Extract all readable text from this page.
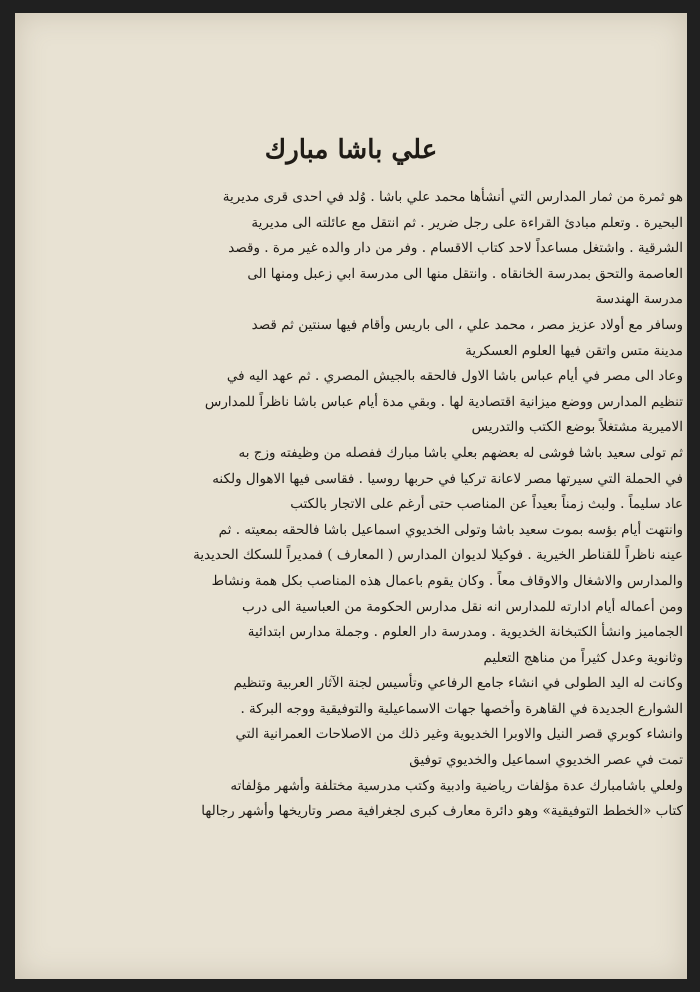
علي باشا مبارك
هو ثمرة من ثمار المدارس التي أنشأها محمد علي باشا . وُلد في احدى قرى مديرية
البحيرة . وتعلم مبادئ القراءة على رجل ضرير . ثم انتقل مع عائلته الى مديرية
الشرقية . واشتغل مساعداً لاحد كتاب الاقسام . وفر من دار والده غير مرة . وقصد
العاصمة والتحق بمدرسة الخانقاه . وانتقل منها الى مدرسة ابي زعبل ومنها الى
مدرسة الهندسة
وسافر مع أولاد عزيز مصر ، محمد علي ، الى باريس وأقام فيها سنتين ثم قصد
مدينة متس واتقن فيها العلوم العسكرية
وعاد الى مصر في أيام عباس باشا الاول فالحقه بالجيش المصري . ثم عهد اليه في
تنظيم المدارس ووضع ميزانية اقتصادية لها . وبقي مدة أيام عباس باشا ناظراً للمدارس
الاميرية مشتغلاً بوضع الكتب والتدريس
ثم تولى سعيد باشا فوشى له بعضهم بعلي باشا مبارك ففصله من وظيفته وزج به
في الحملة التي سيرتها مصر لاعانة تركيا في حربها روسيا . فقاسى فيها الاهوال ولكنه
عاد سليماً . ولبث زمناً بعيداً عن المناصب حتى أرغم على الاتجار بالكتب
وانتهت أيام بؤسه بموت سعيد باشا وتولى الخديوي اسماعيل باشا فالحقه بمعيته . ثم
عينه ناظراً للقناطر الخيرية . فوكيلا لديوان المدارس ( المعارف ) فمديراً للسكك الحديدية
والمدارس والاشغال والاوقاف معاً . وكان يقوم باعمال هذه المناصب بكل همة ونشاط
ومن أعماله أيام ادارته للمدارس انه نقل مدارس الحكومة من العباسية الى درب
الجماميز وانشأ الكتبخانة الخديوية . ومدرسة دار العلوم . وجملة مدارس ابتدائية
وثانوية وعدل كثيراً من مناهج التعليم
وكانت له اليد الطولى في انشاء جامع الرفاعي وتأسيس لجنة الآثار العربية وتنظيم
الشوارع الجديدة في القاهرة وأخصها جهات الاسماعيلية والتوفيقية ووجه البركة .
وانشاء كوبري قصر النيل والاوبرا الخديوية وغير ذلك من الاصلاحات العمرانية التي
تمت في عصر الخديوي اسماعيل والخديوي توفيق
ولعلي باشامبارك عدة مؤلفات رياضية وادبية وكتب مدرسية مختلفة وأشهر مؤلفاته
كتاب «الخطط التوفيقية» وهو دائرة معارف كبرى لجغرافية مصر وتاريخها وأشهر رجالها
